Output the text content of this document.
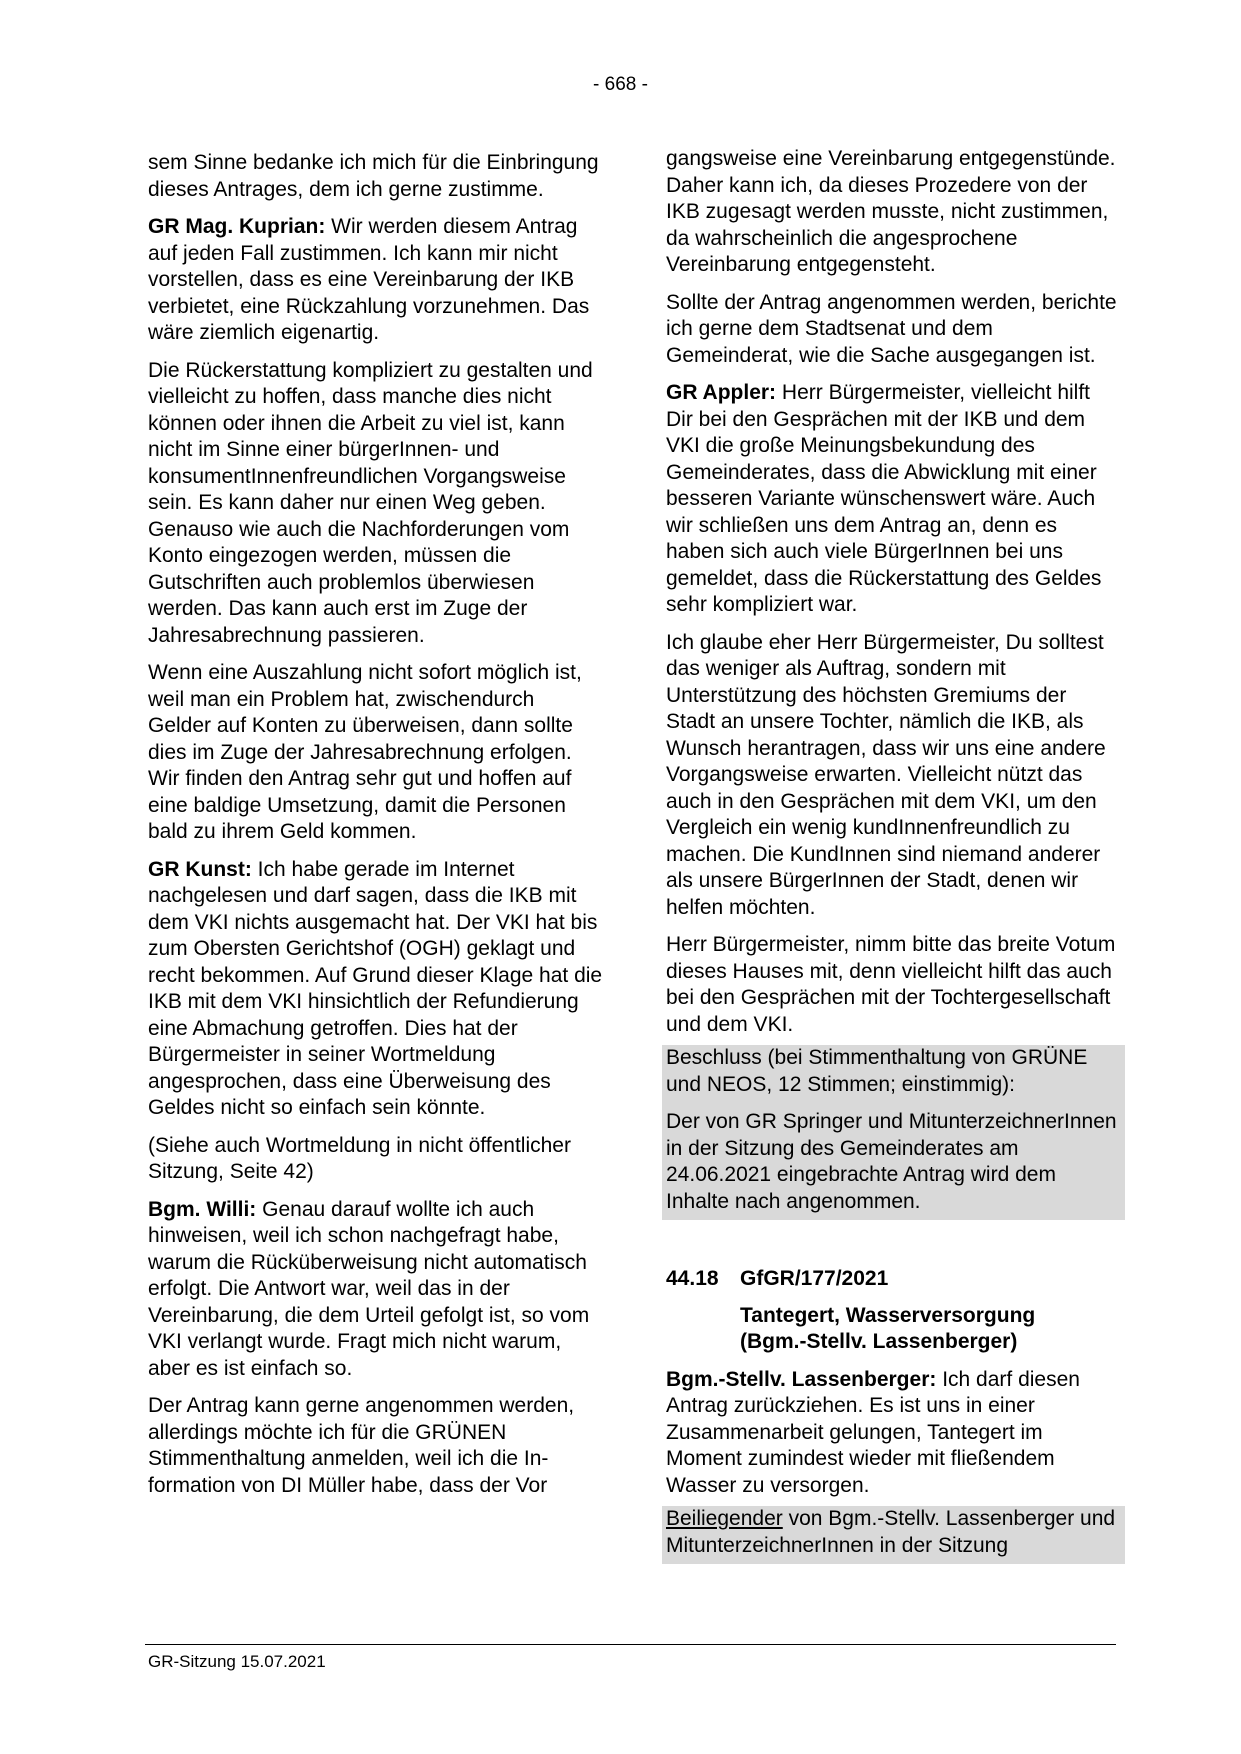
- 668 -

sem Sinne bedanke ich mich für die Einbringung dieses Antrages, dem ich gerne zustimme.

GR Mag. Kuprian: Wir werden diesem Antrag auf jeden Fall zustimmen. Ich kann mir nicht vorstellen, dass es eine Vereinbarung der IKB verbietet, eine Rückzahlung vorzunehmen. Das wäre ziemlich eigenartig.

Die Rückerstattung kompliziert zu gestalten und vielleicht zu hoffen, dass manche dies nicht können oder ihnen die Arbeit zu viel ist, kann nicht im Sinne einer bürgerInnen- und konsumentInnenfreundlichen Vorgangsweise sein. Es kann daher nur einen Weg geben. Genauso wie auch die Nachforderungen vom Konto eingezogen werden, müssen die Gutschriften auch problemlos überwiesen werden. Das kann auch erst im Zuge der Jahresabrechnung passieren.

Wenn eine Auszahlung nicht sofort möglich ist, weil man ein Problem hat, zwischendurch Gelder auf Konten zu überweisen, dann sollte dies im Zuge der Jahresabrechnung erfolgen. Wir finden den Antrag sehr gut und hoffen auf eine baldige Umsetzung, damit die Personen bald zu ihrem Geld kommen.

GR Kunst: Ich habe gerade im Internet nachgelesen und darf sagen, dass die IKB mit dem VKI nichts ausgemacht hat. Der VKI hat bis zum Obersten Gerichtshof (OGH) geklagt und recht bekommen. Auf Grund dieser Klage hat die IKB mit dem VKI hinsichtlich der Refundierung eine Abmachung getroffen. Dies hat der Bürgermeister in seiner Wortmeldung angesprochen, dass eine Überweisung des Geldes nicht so einfach sein könnte.

(Siehe auch Wortmeldung in nicht öffentlicher Sitzung, Seite 42)

Bgm. Willi: Genau darauf wollte ich auch hinweisen, weil ich schon nachgefragt habe, warum die Rücküberweisung nicht automatisch erfolgt. Die Antwort war, weil das in der Vereinbarung, die dem Urteil gefolgt ist, so vom VKI verlangt wurde. Fragt mich nicht warum, aber es ist einfach so.

Der Antrag kann gerne angenommen werden, allerdings möchte ich für die GRÜNEN Stimmenthaltung anmelden, weil ich die Information von DI Müller habe, dass der Vor

gangsweise eine Vereinbarung entgegenstünde. Daher kann ich, da dieses Prozedere von der IKB zugesagt werden musste, nicht zustimmen, da wahrscheinlich die angesprochene Vereinbarung entgegensteht.

Sollte der Antrag angenommen werden, berichte ich gerne dem Stadtsenat und dem Gemeinderat, wie die Sache ausgegangen ist.

GR Appler: Herr Bürgermeister, vielleicht hilft Dir bei den Gesprächen mit der IKB und dem VKI die große Meinungsbekundung des Gemeinderates, dass die Abwicklung mit einer besseren Variante wünschenswert wäre. Auch wir schließen uns dem Antrag an, denn es haben sich auch viele BürgerInnen bei uns gemeldet, dass die Rückerstattung des Geldes sehr kompliziert war.

Ich glaube eher Herr Bürgermeister, Du solltest das weniger als Auftrag, sondern mit Unterstützung des höchsten Gremiums der Stadt an unsere Tochter, nämlich die IKB, als Wunsch herantragen, dass wir uns eine andere Vorgangsweise erwarten. Vielleicht nützt das auch in den Gesprächen mit dem VKI, um den Vergleich ein wenig kundInnenfreundlich zu machen. Die KundInnen sind niemand anderer als unsere BürgerInnen der Stadt, denen wir helfen möchten.

Herr Bürgermeister, nimm bitte das breite Votum dieses Hauses mit, denn vielleicht hilft das auch bei den Gesprächen mit der Tochtergesellschaft und dem VKI.

Beschluss (bei Stimmenthaltung von GRÜNE und NEOS, 12 Stimmen; einstimmig):

Der von GR Springer und MitunterzeichnerInnen in der Sitzung des Gemeinderates am 24.06.2021 eingebrachte Antrag wird dem Inhalte nach angenommen.

44.18	GfGR/177/2021
Tantegert, Wasserversorgung
(Bgm.-Stellv. Lassenberger)

Bgm.-Stellv. Lassenberger: Ich darf diesen Antrag zurückziehen. Es ist uns in einer Zusammenarbeit gelungen, Tantegert im Moment zumindest wieder mit fließendem Wasser zu versorgen.

Beiliegender von Bgm.-Stellv. Lassenberger und MitunterzeichnerInnen in der Sitzung

GR-Sitzung 15.07.2021
